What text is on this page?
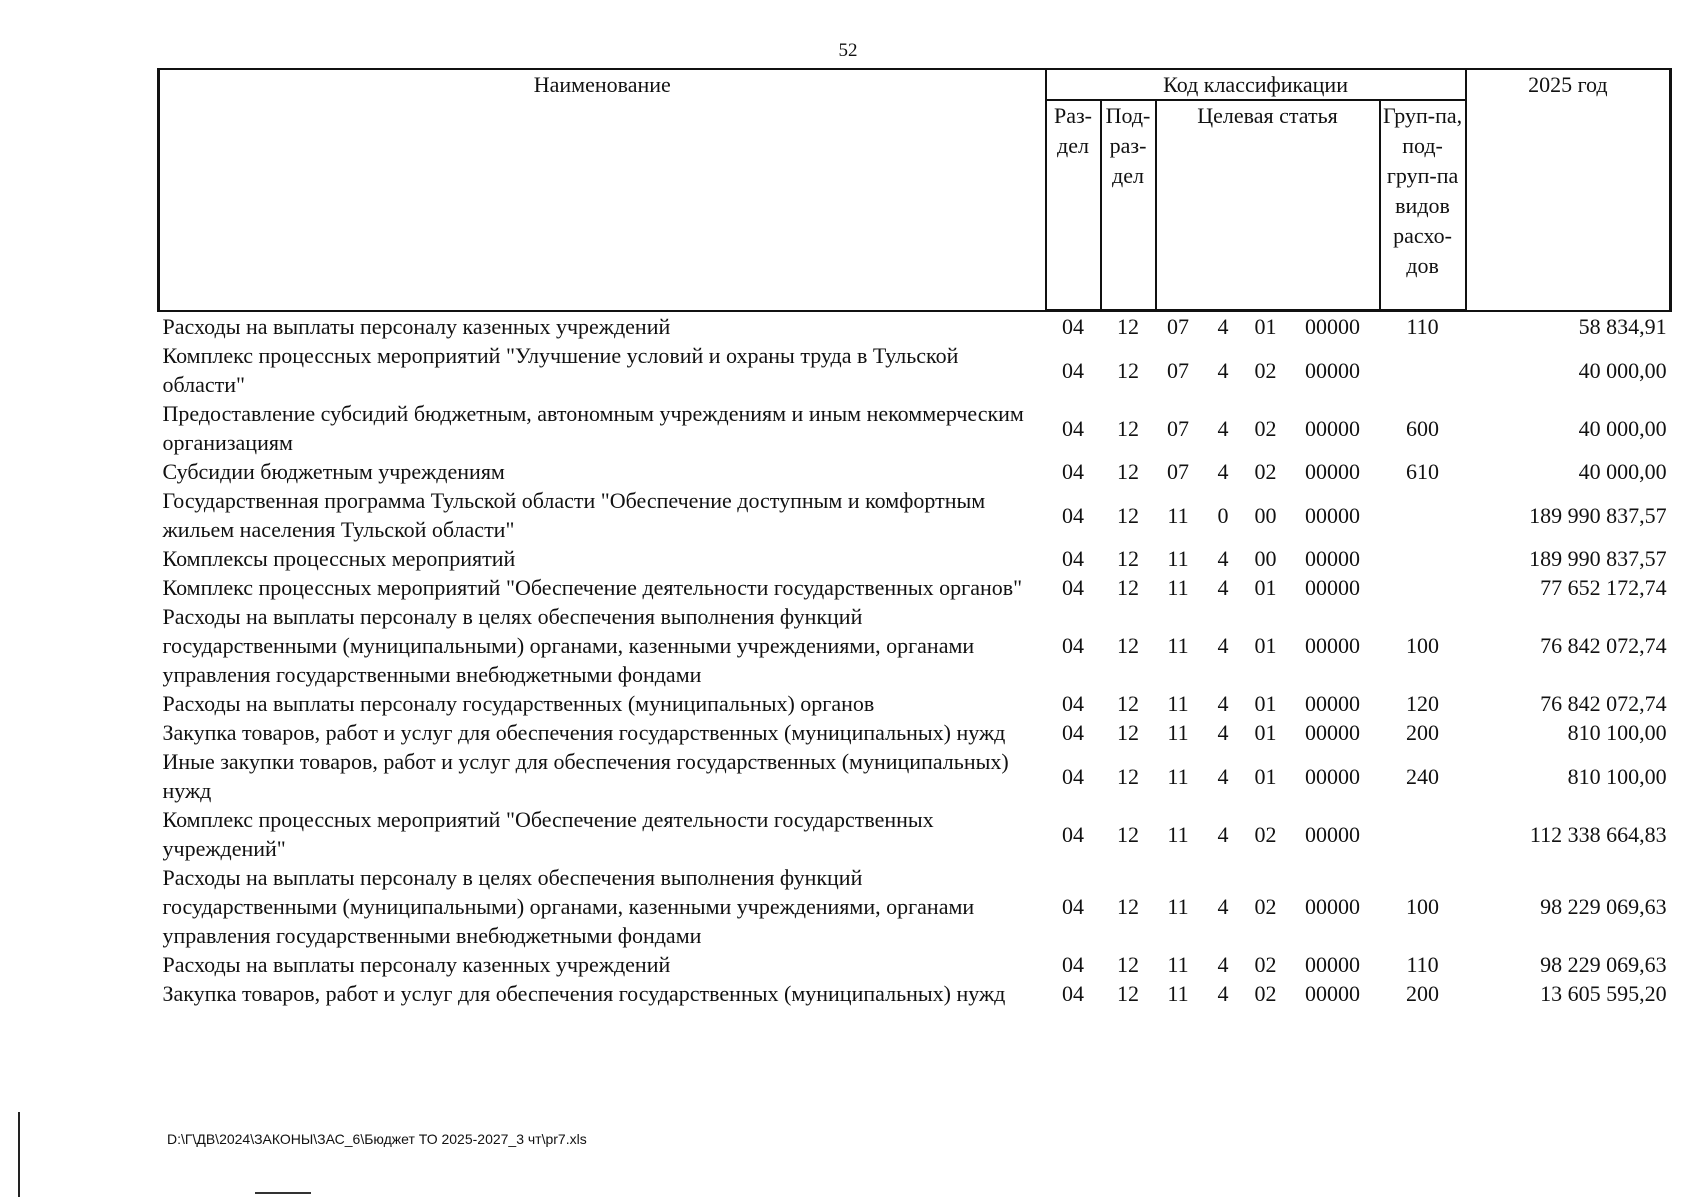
52
Наименование	Код классификации							2025 год
	Раз-дел	Под-раз-дел	Целевая статья				Груп-па, под-груп-па видов расхо-дов	
Расходы на выплаты персоналу казенных учреждений	04	12	07	4	01	00000	110	58 834,91
Комплекс процессных мероприятий "Улучшение условий и охраны труда в Тульской области"	04	12	07	4	02	00000		40 000,00
Предоставление субсидий бюджетным, автономным учреждениям и иным некоммерческим организациям	04	12	07	4	02	00000	600	40 000,00
Субсидии бюджетным учреждениям	04	12	07	4	02	00000	610	40 000,00
Государственная программа Тульской области "Обеспечение доступным и комфортным жильем населения Тульской области"	04	12	11	0	00	00000		189 990 837,57
Комплексы процессных мероприятий	04	12	11	4	00	00000		189 990 837,57
Комплекс процессных мероприятий "Обеспечение деятельности государственных органов"	04	12	11	4	01	00000		77 652 172,74
Расходы на выплаты персоналу в целях обеспечения выполнения функций государственными (муниципальными) органами, казенными учреждениями, органами управления государственными внебюджетными фондами	04	12	11	4	01	00000	100	76 842 072,74
Расходы на выплаты персоналу государственных (муниципальных) органов	04	12	11	4	01	00000	120	76 842 072,74
Закупка товаров, работ и услуг для обеспечения государственных (муниципальных) нужд	04	12	11	4	01	00000	200	810 100,00
Иные закупки товаров, работ и услуг для обеспечения государственных (муниципальных) нужд	04	12	11	4	01	00000	240	810 100,00
Комплекс процессных мероприятий "Обеспечение деятельности государственных учреждений"	04	12	11	4	02	00000		112 338 664,83
Расходы на выплаты персоналу в целях обеспечения выполнения функций государственными (муниципальными) органами, казенными учреждениями, органами управления государственными внебюджетными фондами	04	12	11	4	02	00000	100	98 229 069,63
Расходы на выплаты персоналу казенных учреждений	04	12	11	4	02	00000	110	98 229 069,63
Закупка товаров, работ и услуг для обеспечения государственных (муниципальных) нужд	04	12	11	4	02	00000	200	13 605 595,20
D:\Г\ДВ\2024\ЗАКОНЫ\ЗАС_6\Бюджет ТО 2025-2027_3 чт\pr7.xls
